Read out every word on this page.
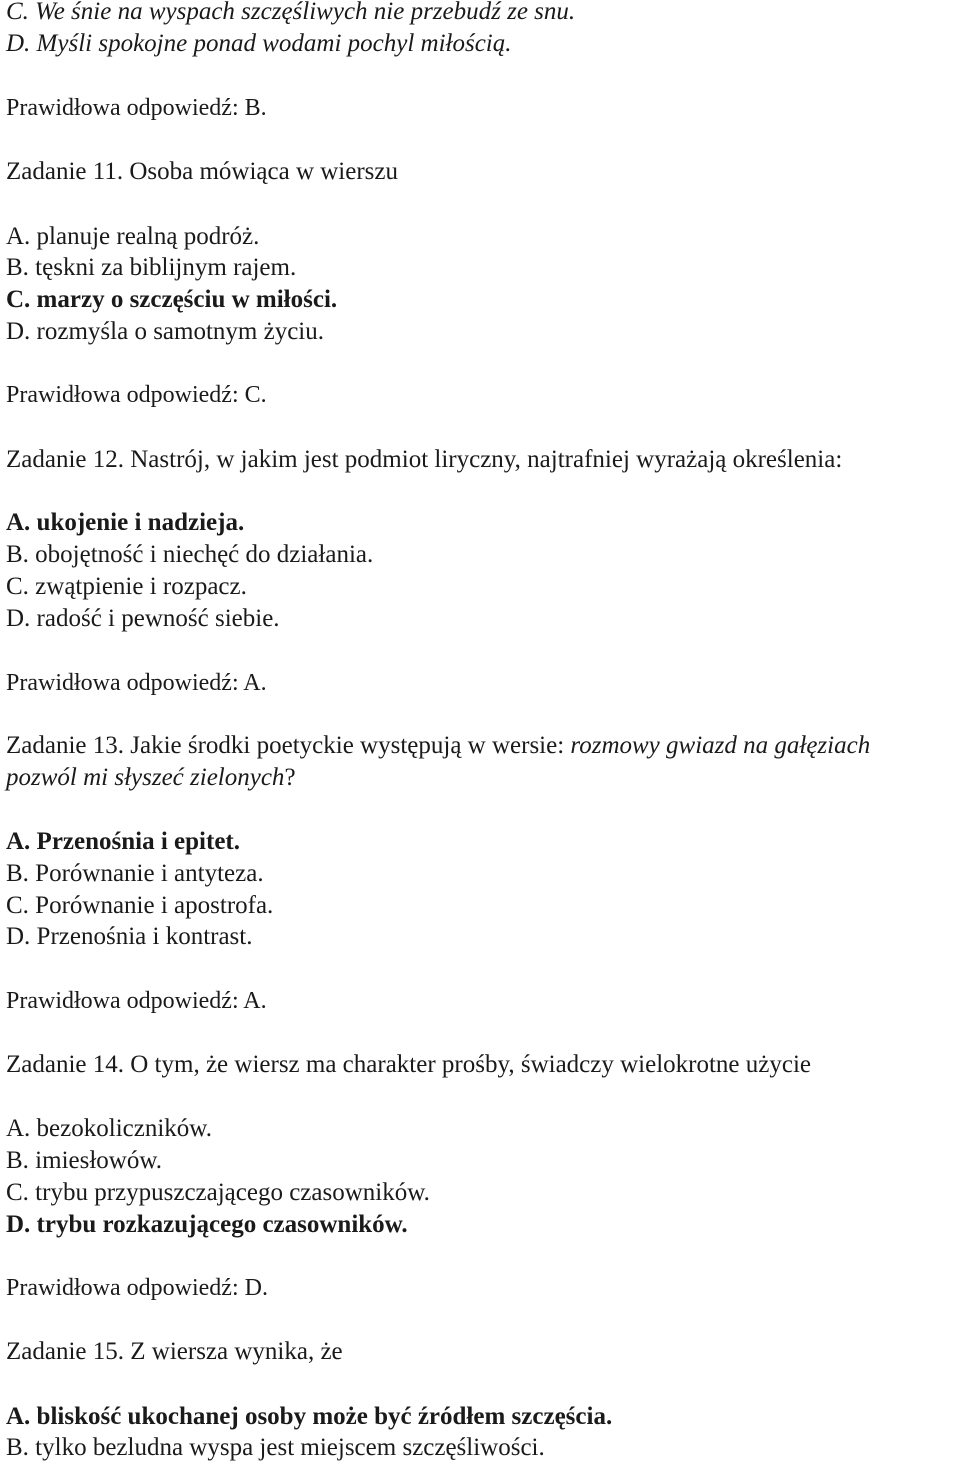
C. We śnie na wyspach szczęśliwych nie przebudź ze snu.
D. Myśli spokojne ponad wodami pochyl miłością.
Prawidłowa odpowiedź: B.
Zadanie 11. Osoba mówiąca w wierszu
A. planuje realną podróż.
B. tęskni za biblijnym rajem.
C. marzy o szczęściu w miłości.
D. rozmyśla o samotnym życiu.
Prawidłowa odpowiedź: C.
Zadanie 12. Nastrój, w jakim jest podmiot liryczny, najtrafniej wyrażają określenia:
A. ukojenie i nadzieja.
B. obojętność i niechęć do działania.
C. zwątpienie i rozpacz.
D. radość i pewność siebie.
Prawidłowa odpowiedź: A.
Zadanie 13. Jakie środki poetyckie występują w wersie: rozmowy gwiazd na gałęziach
pozwól mi słyszeć zielonych?
A. Przenośnia i epitet.
B. Porównanie i antyteza.
C. Porównanie i apostrofa.
D. Przenośnia i kontrast.
Prawidłowa odpowiedź: A.
Zadanie 14. O tym, że wiersz ma charakter prośby, świadczy wielokrotne użycie
A. bezokoliczników.
B. imiesłowów.
C. trybu przypuszczającego czasowników.
D. trybu rozkazującego czasowników.
Prawidłowa odpowiedź: D.
Zadanie 15. Z wiersza wynika, że
A. bliskość ukochanej osoby może być źródłem szczęścia.
B. tylko bezludna wyspa jest miejscem szczęśliwości.
